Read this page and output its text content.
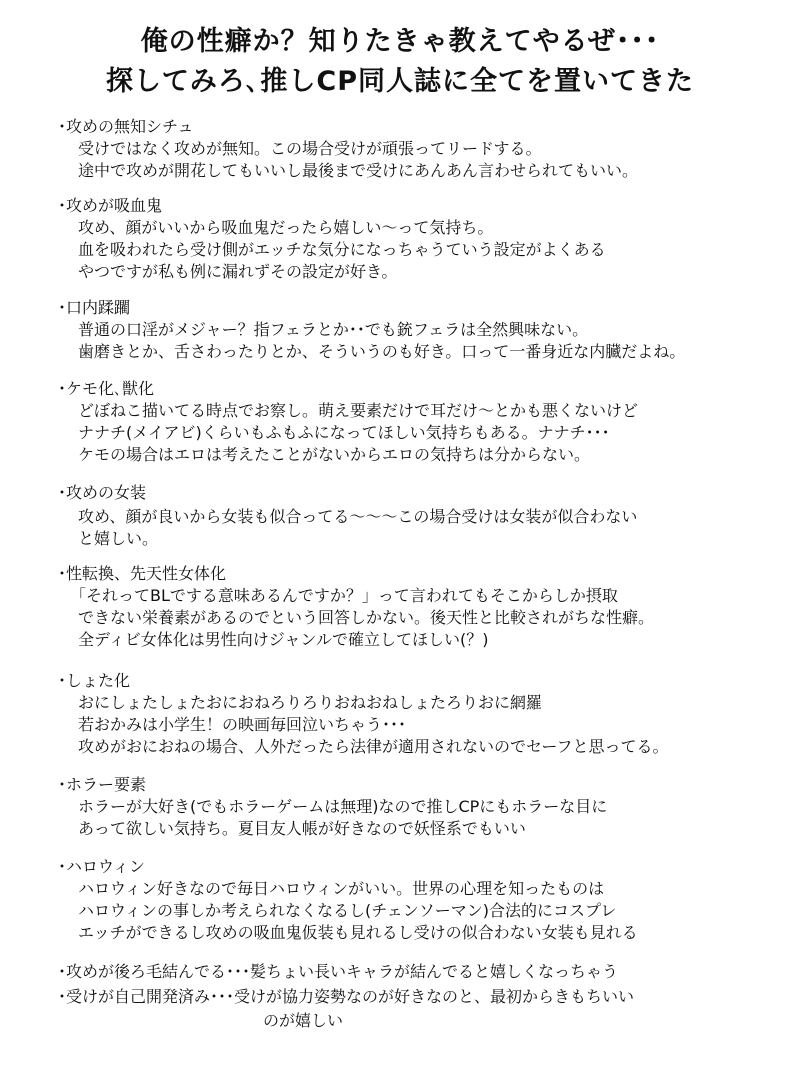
俺の性癖か？知りたきゃ教えてやるぜ･･･
探してみろ､推しCP同人誌に全てを置いてきた
･攻めの無知シチュ
受けではなく攻めが無知。この場合受けが頑張ってリードする。
途中で攻めが開花してもいいし最後まで受けにあんあん言わせられてもいい。
･攻めが吸血鬼
攻め、顔がいいから吸血鬼だったら嬉しい〜って気持ち。
血を吸われたら受け側がエッチな気分になっちゃうていう設定がよくある
やつですが私も例に漏れずその設定が好き。
･口内蹂躙
普通の口淫がメジャー？指フェラとか･･でも銃フェラは全然興味ない。
歯磨きとか、舌さわったりとか、そういうのも好き。口って一番身近な内臓だよね。
･ケモ化､獣化
どぼねこ描いてる時点でお察し。萌え要素だけで耳だけ〜とかも悪くないけど
ナナチ(メイアビ)くらいもふもふになってほしい気持ちもある。ナナチ･･･
ケモの場合はエロは考えたことがないからエロの気持ちは分からない。
･攻めの女装
攻め、顔が良いから女装も似合ってる〜〜〜この場合受けは女装が似合わない
と嬉しい。
･性転換、先天性女体化
「それってBLでする意味あるんですか？」って言われてもそこからしか摂取
できない栄養素があるのでという回答しかない。後天性と比較されがちな性癖。
全ディビ女体化は男性向けジャンルで確立してほしい(？)
･しょた化
おにしょたしょたおにおねろりろりおねおねしょたろりおに網羅
若おかみは小学生！の映画毎回泣いちゃう･･･
攻めがおにおねの場合、人外だったら法律が適用されないのでセーフと思ってる。
･ホラー要素
ホラーが大好き(でもホラーゲームは無理)なので推しCPにもホラーな目に
あって欲しい気持ち。夏目友人帳が好きなので妖怪系でもいい
･ハロウィン
ハロウィン好きなので毎日ハロウィンがいい。世界の心理を知ったものは
ハロウィンの事しか考えられなくなるし(チェンソーマン)合法的にコスプレ
エッチができるし攻めの吸血鬼仮装も見れるし受けの似合わない女装も見れる
･攻めが後ろ毛結んでる･･･髪ちょい長いキャラが結んでると嬉しくなっちゃう
･受けが自己開発済み･･･受けが協力姿勢なのが好きなのと、最初からきもちいい
のが嬉しい
